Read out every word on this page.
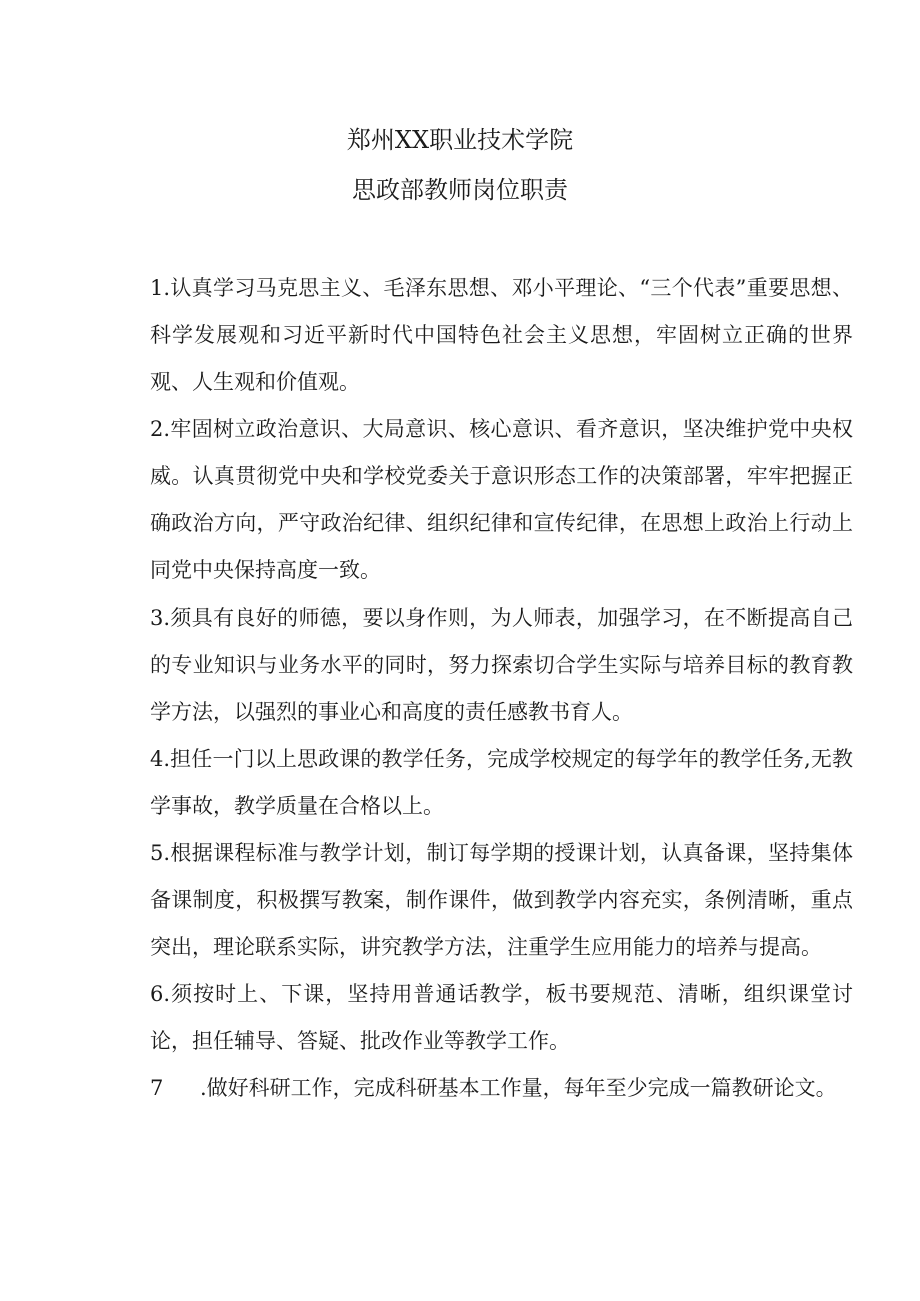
郑州XX职业技术学院
思政部教师岗位职责
1.认真学习马克思主义、毛泽东思想、邓小平理论、“三个代表”重要思想、科学发展观和习近平新时代中国特色社会主义思想，牢固树立正确的世界观、人生观和价值观。
2.牢固树立政治意识、大局意识、核心意识、看齐意识，坚决维护党中央权威。认真贯彻党中央和学校党委关于意识形态工作的决策部署，牢牢把握正确政治方向，严守政治纪律、组织纪律和宣传纪律，在思想上政治上行动上同党中央保持高度一致。
3.须具有良好的师德，要以身作则，为人师表，加强学习，在不断提高自己的专业知识与业务水平的同时，努力探索切合学生实际与培养目标的教育教学方法，以强烈的事业心和高度的责任感教书育人。
4.担任一门以上思政课的教学任务，完成学校规定的每学年的教学任务,无教学事故，教学质量在合格以上。
5.根据课程标准与教学计划，制订每学期的授课计划，认真备课，坚持集体备课制度，积极撰写教案，制作课件，做到教学内容充实，条例清晰，重点突出，理论联系实际，讲究教学方法，注重学生应用能力的培养与提高。
6.须按时上、下课，坚持用普通话教学，板书要规范、清晰，组织课堂讨论，担任辅导、答疑、批改作业等教学工作。
7 .做好科研工作，完成科研基本工作量，每年至少完成一篇教研论文。
